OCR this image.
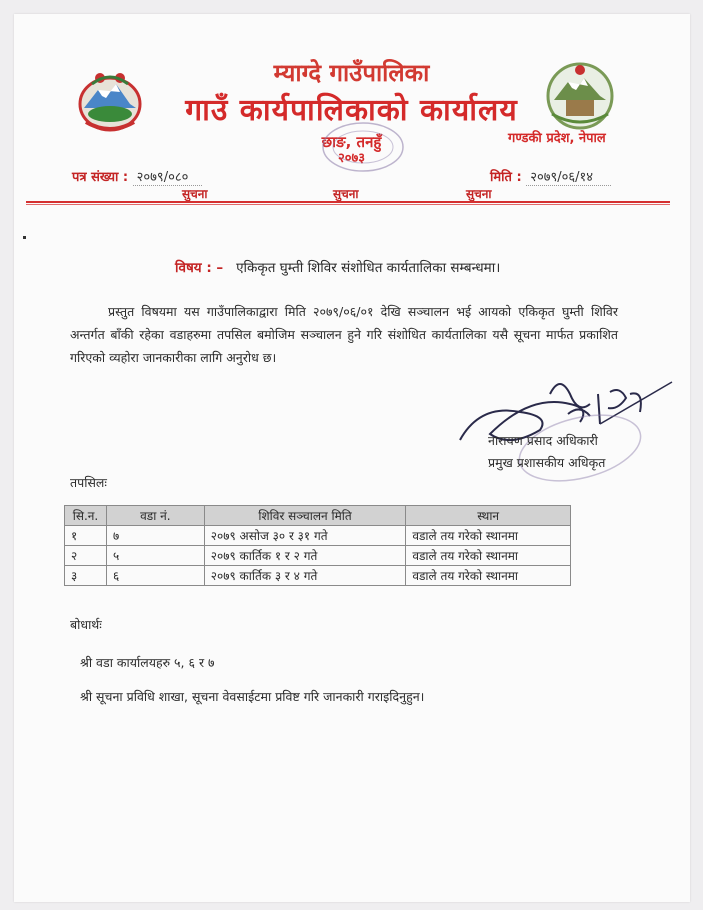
म्याग्दे गाउँपालिका
गाउँ कार्यपालिकाको कार्यालय
छाङ, तनहुँ
२०७३
गण्डकी प्रदेश, नेपाल
पत्र संख्या : २०७९/०८०	मिति : २०७९/०६/१४
सुचना	सुचना	सुचना
विषय : – एकिकृत घुम्ती शिविर संशोधित कार्यतालिका सम्बन्धमा।
प्रस्तुत विषयमा यस गाउँपालिकाद्वारा मिति २०७९/०६/०१ देखि सञ्चालन भई आयको एकिकृत घुम्ती शिविर अन्तर्गत बाँकी रहेका वडाहरुमा तपसिल बमोजिम सञ्चालन हुने गरि संशोधित कार्यतालिका यसै सूचना मार्फत प्रकाशित गरिएको व्यहोरा जानकारीका लागि अनुरोध छ।
नारायण प्रसाद अधिकारी
प्रमुख प्रशासकीय अधिकृत
तपसिलः
सि.न.	वडा नं.	शिविर सञ्चालन मिति	स्थान
१	७	२०७९ असोज ३० र ३१ गते	वडाले तय गरेको स्थानमा
२	५	२०७९ कार्तिक १ र २ गते	वडाले तय गरेको स्थानमा
३	६	२०७९ कार्तिक ३ र ४ गते	वडाले तय गरेको स्थानमा
बोधार्थः
श्री वडा कार्यालयहरु ५, ६ र ७
श्री सूचना प्रविधि शाखा, सूचना वेवसाईटमा प्रविष्ट गरि जानकारी गराइदिनुहुन।
